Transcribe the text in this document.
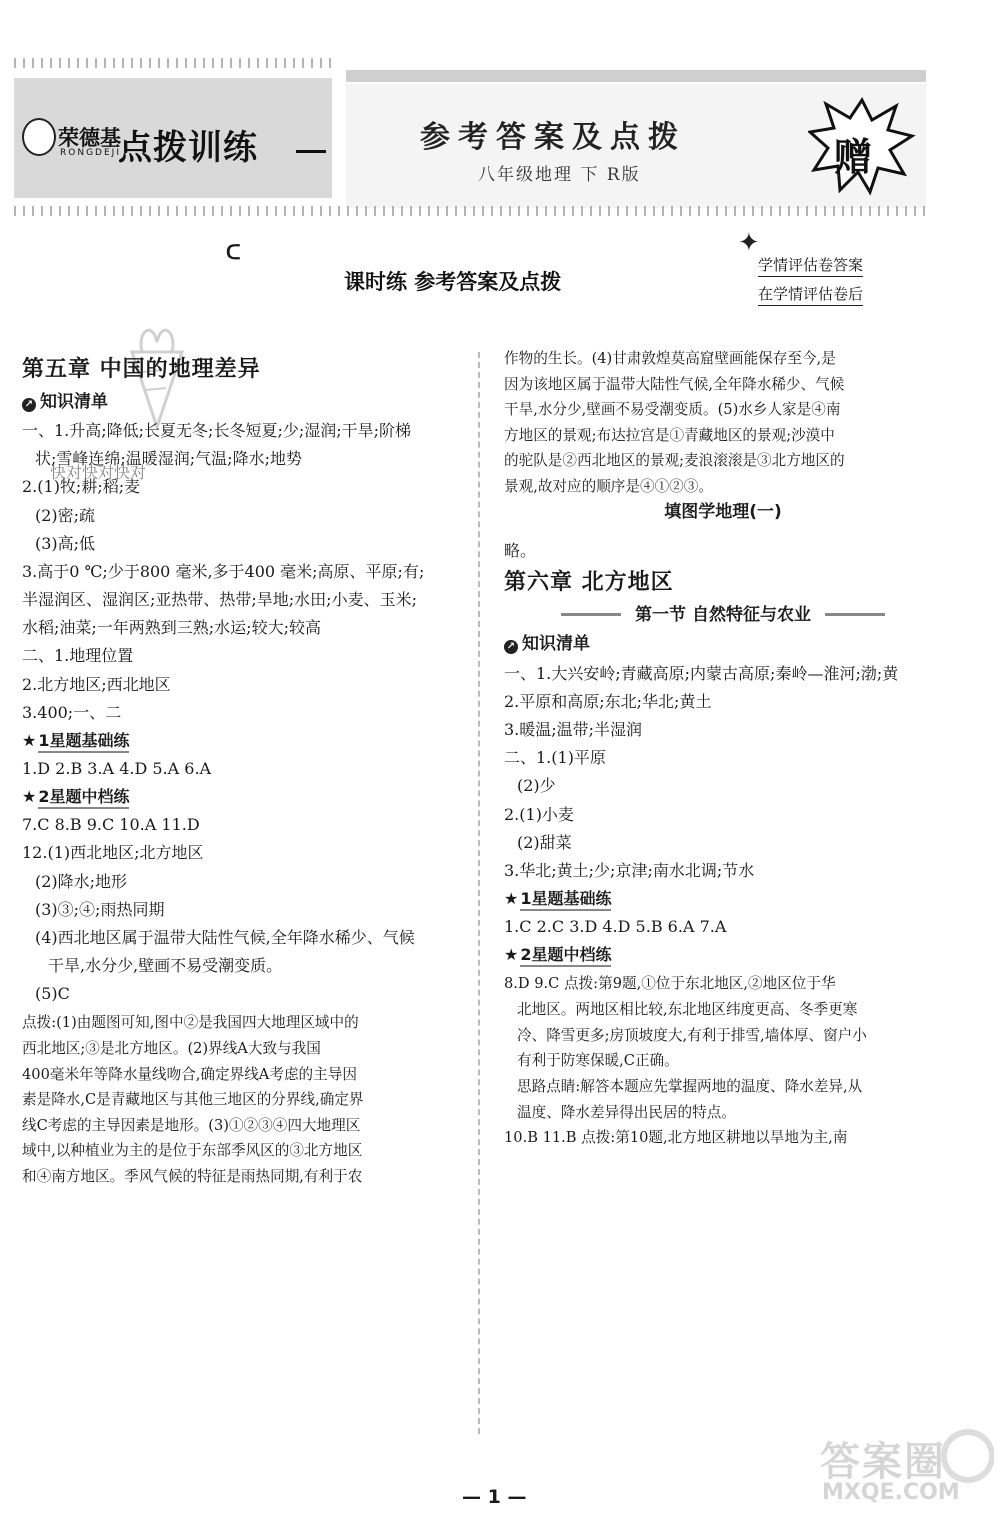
荣德基
RONGDEJI
点拨训练	参考答案及点拨
八年级地理 下 R版	赠
ᑕ
课时练 参考答案及点拨
✦
学情评估卷答案
在学情评估卷后
第五章 中国的地理差异
↗ 知识清单
一、1.升高;降低;长夏无冬;长冬短夏;少;湿润;干旱;阶梯
状;雪峰连绵;温暖湿润;气温;降水;地势
快对快对快对
2.(1)牧;耕;稻;麦
(2)密;疏
(3)高;低
3.高于0 ℃;少于800 毫米,多于400 毫米;高原、平原;有;
半湿润区、湿润区;亚热带、热带;旱地;水田;小麦、玉米;
水稻;油菜;一年两熟到三熟;水运;较大;较高
二、1.地理位置
2.北方地区;西北地区
3.400;一、二
★ 1星题基础练
1.D 2.B 3.A 4.D 5.A 6.A
★ 2星题中档练
7.C 8.B 9.C 10.A 11.D
12.(1)西北地区;北方地区
(2)降水;地形
(3)③;④;雨热同期
(4)西北地区属于温带大陆性气候,全年降水稀少、气候
干旱,水分少,壁画不易受潮变质。
(5)C
点拨:(1)由题图可知,图中②是我国四大地理区域中的
西北地区;③是北方地区。(2)界线A大致与我国
400毫米年等降水量线吻合,确定界线A考虑的主导因
素是降水,C是青藏地区与其他三地区的分界线,确定界
线C考虑的主导因素是地形。(3)①②③④四大地理区
域中,以种植业为主的是位于东部季风区的③北方地区
和④南方地区。季风气候的特征是雨热同期,有利于农
作物的生长。(4)甘肃敦煌莫高窟壁画能保存至今,是
因为该地区属于温带大陆性气候,全年降水稀少、气候
干旱,水分少,壁画不易受潮变质。(5)水乡人家是④南
方地区的景观;布达拉宫是①青藏地区的景观;沙漠中
的驼队是②西北地区的景观;麦浪滚滚是③北方地区的
景观,故对应的顺序是④①②③。
填图学地理(一)
略。
第六章 北方地区
第一节 自然特征与农业
↗ 知识清单
一、1.大兴安岭;青藏高原;内蒙古高原;秦岭—淮河;渤;黄
2.平原和高原;东北;华北;黄土
3.暖温;温带;半湿润
二、1.(1)平原
(2)少
2.(1)小麦
(2)甜菜
3.华北;黄土;少;京津;南水北调;节水
★ 1星题基础练
1.C 2.C 3.D 4.D 5.B 6.A 7.A
★ 2星题中档练
8.D 9.C 点拨:第9题,①位于东北地区,②地区位于华
北地区。两地区相比较,东北地区纬度更高、冬季更寒
冷、降雪更多;房顶坡度大,有利于排雪,墙体厚、窗户小
有利于防寒保暖,C正确。
思路点睛:解答本题应先掌握两地的温度、降水差异,从
温度、降水差异得出民居的特点。
10.B 11.B 点拨:第10题,北方地区耕地以旱地为主,南
答案圈
MXQE.COM
— 1 —
